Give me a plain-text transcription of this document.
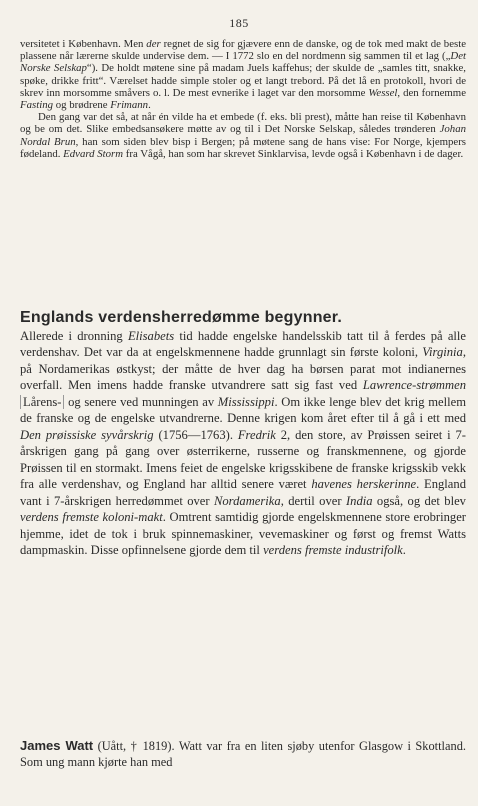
185

versitetet i København. Men der regnet de sig for gjævere enn de danske, og de tok med makt de beste plassene når lærerne skulde undervise dem. — I 1772 slo en del nordmenn sig sammen til et lag („Det Norske Selskap“). De holdt møtene sine på madam Juels kaffehus; der skulde de „samles titt, snakke, spøke, drikke fritt“. Værelset hadde simple stoler og et langt trebord. På det lå en protokoll, hvori de skrev inn morsomme småvers o. l. De mest evnerike i laget var den morsomme Wessel, den fornemme Fasting og brødrene Frimann.

Den gang var det så, at når én vilde ha et embede (f. eks. bli prest), måtte han reise til København og be om det. Slike embedsansøkere møtte av og til i Det Norske Selskap, således trønderen Johan Nordal Brun, han som siden blev bisp i Bergen; på møtene sang de hans vise: For Norge, kjempers fødeland. Edvard Storm fra Vågå, han som har skrevet Sinklarvisa, levde også i København i de dager.

Englands verdensherredømme begynner.

Allerede i dronning Elisabets tid hadde engelske handelsskib tatt til å ferdes på alle verdenshav. Det var da at engelskmennene hadde grunnlagt sin første koloni, Virginia, på Nordamerikas østkyst; der måtte de hver dag ha børsen parat mot indianernes overfall. Men imens hadde franske utvandrere satt sig fast ved Lawrence-strømmen Lårens- og senere ved munningen av Mississippi. Om ikke lenge blev det krig mellem de franske og de engelske utvandrerne. Denne krigen kom året efter til å gå i ett med Den prøissiske syvårskrig (1756—1763). Fredrik 2, den store, av Prøissen seiret i 7-årskrigen gang på gang over østerrikerne, russerne og franskmennene, og gjorde Prøissen til en stormakt. Imens feiet de engelske krigsskibene de franske krigsskib vekk fra alle verdenshav, og England har alltid senere været havenes herskerinne. England vant i 7-årskrigen herredømmet over Nordamerika, dertil over India også, og det blev verdens fremste koloni-makt. Omtrent samtidig gjorde engelskmennene store erobringer hjemme, idet de tok i bruk spinnemaskiner, vevemaskiner og først og fremst Watts dampmaskin. Disse opfinnelsene gjorde dem til verdens fremste industrifolk.

James Watt (Uått, † 1819). Watt var fra en liten sjøby utenfor Glasgow i Skottland. Som ung mann kjørte han med
